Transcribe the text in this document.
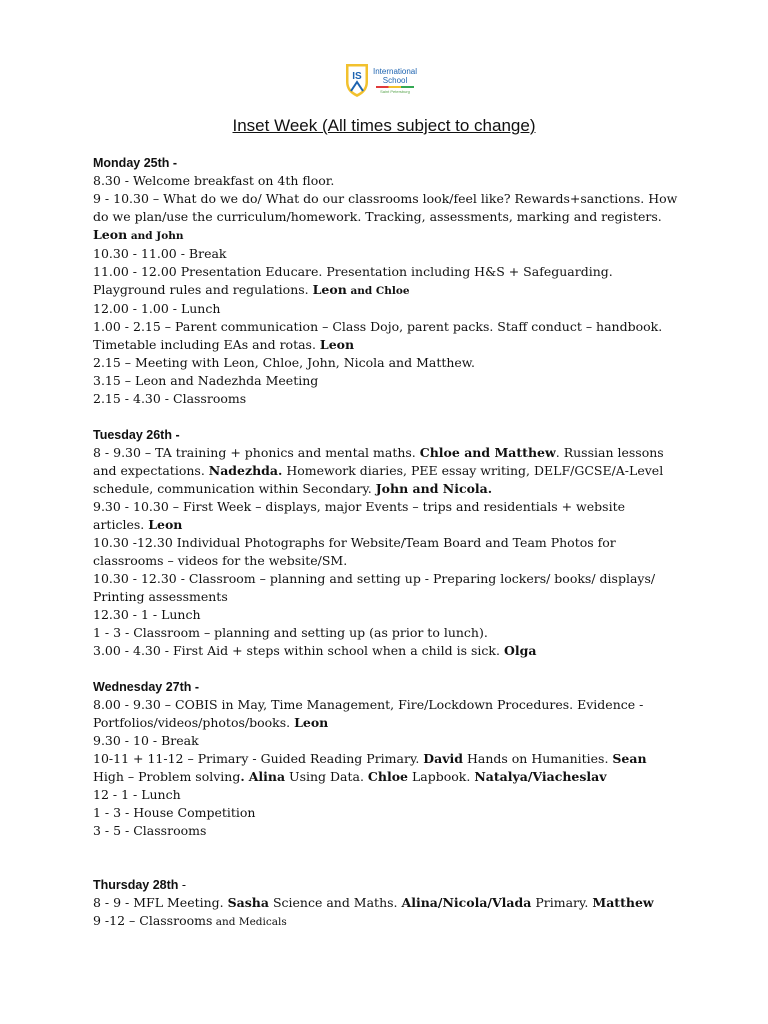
IS International
School
Saint Petersburg
Inset Week (All times subject to change)
Monday 25th -
8.30 - Welcome breakfast on 4th floor.
9 - 10.30 – What do we do/ What do our classrooms look/feel like? Rewards+sanctions. How do we plan/use the curriculum/homework. Tracking, assessments, marking and registers. Leon and John
10.30 - 11.00 - Break
11.00 - 12.00 Presentation Educare. Presentation including H&S + Safeguarding. Playground rules and regulations. Leon and Chloe
12.00 - 1.00 - Lunch
1.00 - 2.15 – Parent communication – Class Dojo, parent packs. Staff conduct – handbook. Timetable including EAs and rotas. Leon
2.15 – Meeting with Leon, Chloe, John, Nicola and Matthew.
3.15 – Leon and Nadezhda Meeting
2.15 - 4.30 - Classrooms
Tuesday 26th -
8 - 9.30 – TA training + phonics and mental maths. Chloe and Matthew. Russian lessons and expectations. Nadezhda. Homework diaries, PEE essay writing, DELF/GCSE/A-Level schedule, communication within Secondary. John and Nicola.
9.30 - 10.30 – First Week – displays, major Events – trips and residentials + website articles. Leon
10.30 -12.30 Individual Photographs for Website/Team Board and Team Photos for classrooms – videos for the website/SM.
10.30 - 12.30 - Classroom – planning and setting up - Preparing lockers/ books/ displays/ Printing assessments
12.30 - 1 - Lunch
1 - 3 - Classroom – planning and setting up (as prior to lunch).
3.00 - 4.30 - First Aid + steps within school when a child is sick. Olga
Wednesday 27th -
8.00 - 9.30 – COBIS in May, Time Management, Fire/Lockdown Procedures. Evidence - Portfolios/videos/photos/books. Leon
9.30 - 10 - Break
10-11 + 11-12 – Primary - Guided Reading Primary. David Hands on Humanities. Sean High – Problem solving. Alina Using Data. Chloe Lapbook. Natalya/Viacheslav
12 - 1 - Lunch
1 - 3 - House Competition
3 - 5 - Classrooms
Thursday 28th -
8 - 9 - MFL Meeting. Sasha Science and Maths. Alina/Nicola/Vlada Primary. Matthew
9 -12 – Classrooms and Medicals
